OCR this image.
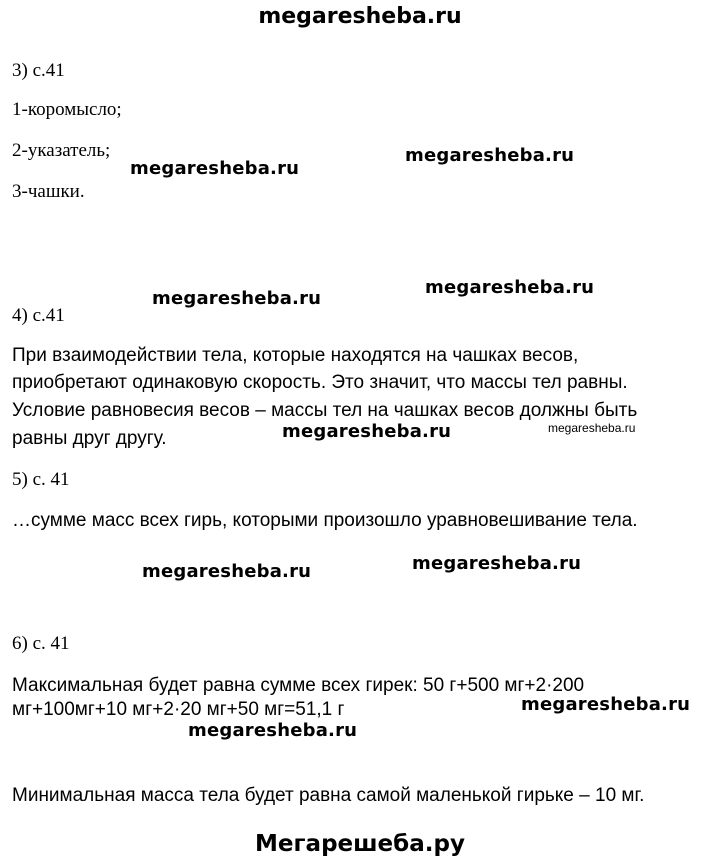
megaresheba.ru
3) с.41
1-коромысло;
2-указатель;
3-чашки.
4) с.41
При взаимодействии тела, которые находятся на чашках весов,
приобретают одинаковую скорость. Это значит, что массы тел равны.
Условие равновесия весов – массы тел на чашках весов должны быть
равны друг другу.
5) с. 41
…сумме масс всех гирь, которыми произошло уравновешивание тела.
6) с. 41
Максимальная будет равна сумме всех гирек: 50 г+500 мг+2·200
мг+100мг+10 мг+2·20 мг+50 мг=51,1 г
Минимальная масса тела будет равна самой маленькой гирьке – 10 мг.
megaresheba.ru
megaresheba.ru
megaresheba.ru
megaresheba.ru
megaresheba.ru	megaresheba.ru
megaresheba.ru
megaresheba.ru
megaresheba.ru
megaresheba.ru
Мегарешеба.ру
